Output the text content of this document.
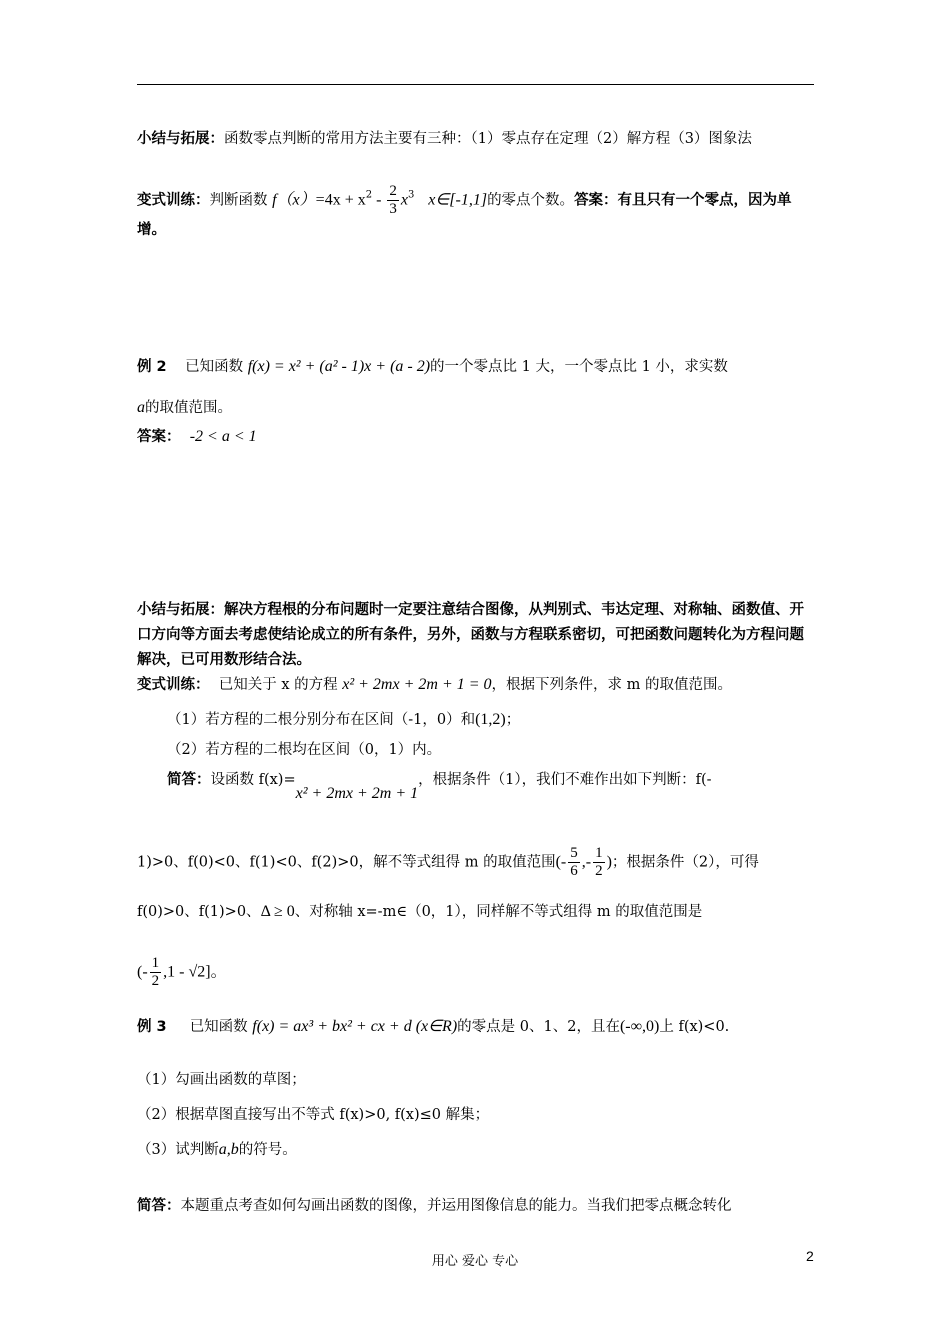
小结与拓展：函数零点判断的常用方法主要有三种：（1）零点存在定理（2）解方程（3）图象法
变式训练：判断函数 $f(x)=4x + x^2 - \frac{2}{3} x^3$ x∈[-1,1]的零点个数。答案：有且只有一个零点，因为单增。
例 2 已知函数 f(x) = x² + (a² - 1)x + (a - 2)的一个零点比 1 大，一个零点比 1 小，求实数
a的取值范围。
答案： -2 < a < 1
小结与拓展：解决方程根的分布问题时一定要注意结合图像，从判别式、韦达定理、对称轴、函数值、开口方向等方面去考虑使结论成立的所有条件，另外，函数与方程联系密切，可把函数问题转化为方程问题解决，已可用数形结合法。
变式训练： 已知关于 x 的方程 x² + 2mx + 2m + 1 = 0，根据下列条件，求 m 的取值范围。
（1）若方程的二根分别分布在区间（-1，0）和(1,2)；
（2）若方程的二根均在区间（0，1）内。
简答：设函数 f(x)=x² + 2mx + 2m + 1，根据条件（1），我们不难作出如下判断：f(-
1)>0、f(0)<0、f(1)<0、f(2)>0，解不等式组得 m 的取值范围(- $\frac{5}{6}$ ,- $\frac{1}{2}$ )；根据条件（2），可得
f(0)>0、f(1)>0、Δ ≥ 0、对称轴 x=-m∈（0，1），同样解不等式组得 m 的取值范围是
(- $\frac{1}{2} ,1 - √2$]。
例 3 已知函数 f(x) = ax³ + bx² + cx + d (x∈R)的零点是 0、1、2，且在(-∞,0)上 f(x)<0.
（1）勾画出函数的草图；
（2）根据草图直接写出不等式 f(x)>0, f(x)≤0 解集；
（3）试判断a,b的符号。
简答：本题重点考查如何勾画出函数的图像，并运用图像信息的能力。当我们把零点概念转化
用心 爱心 专心	2
